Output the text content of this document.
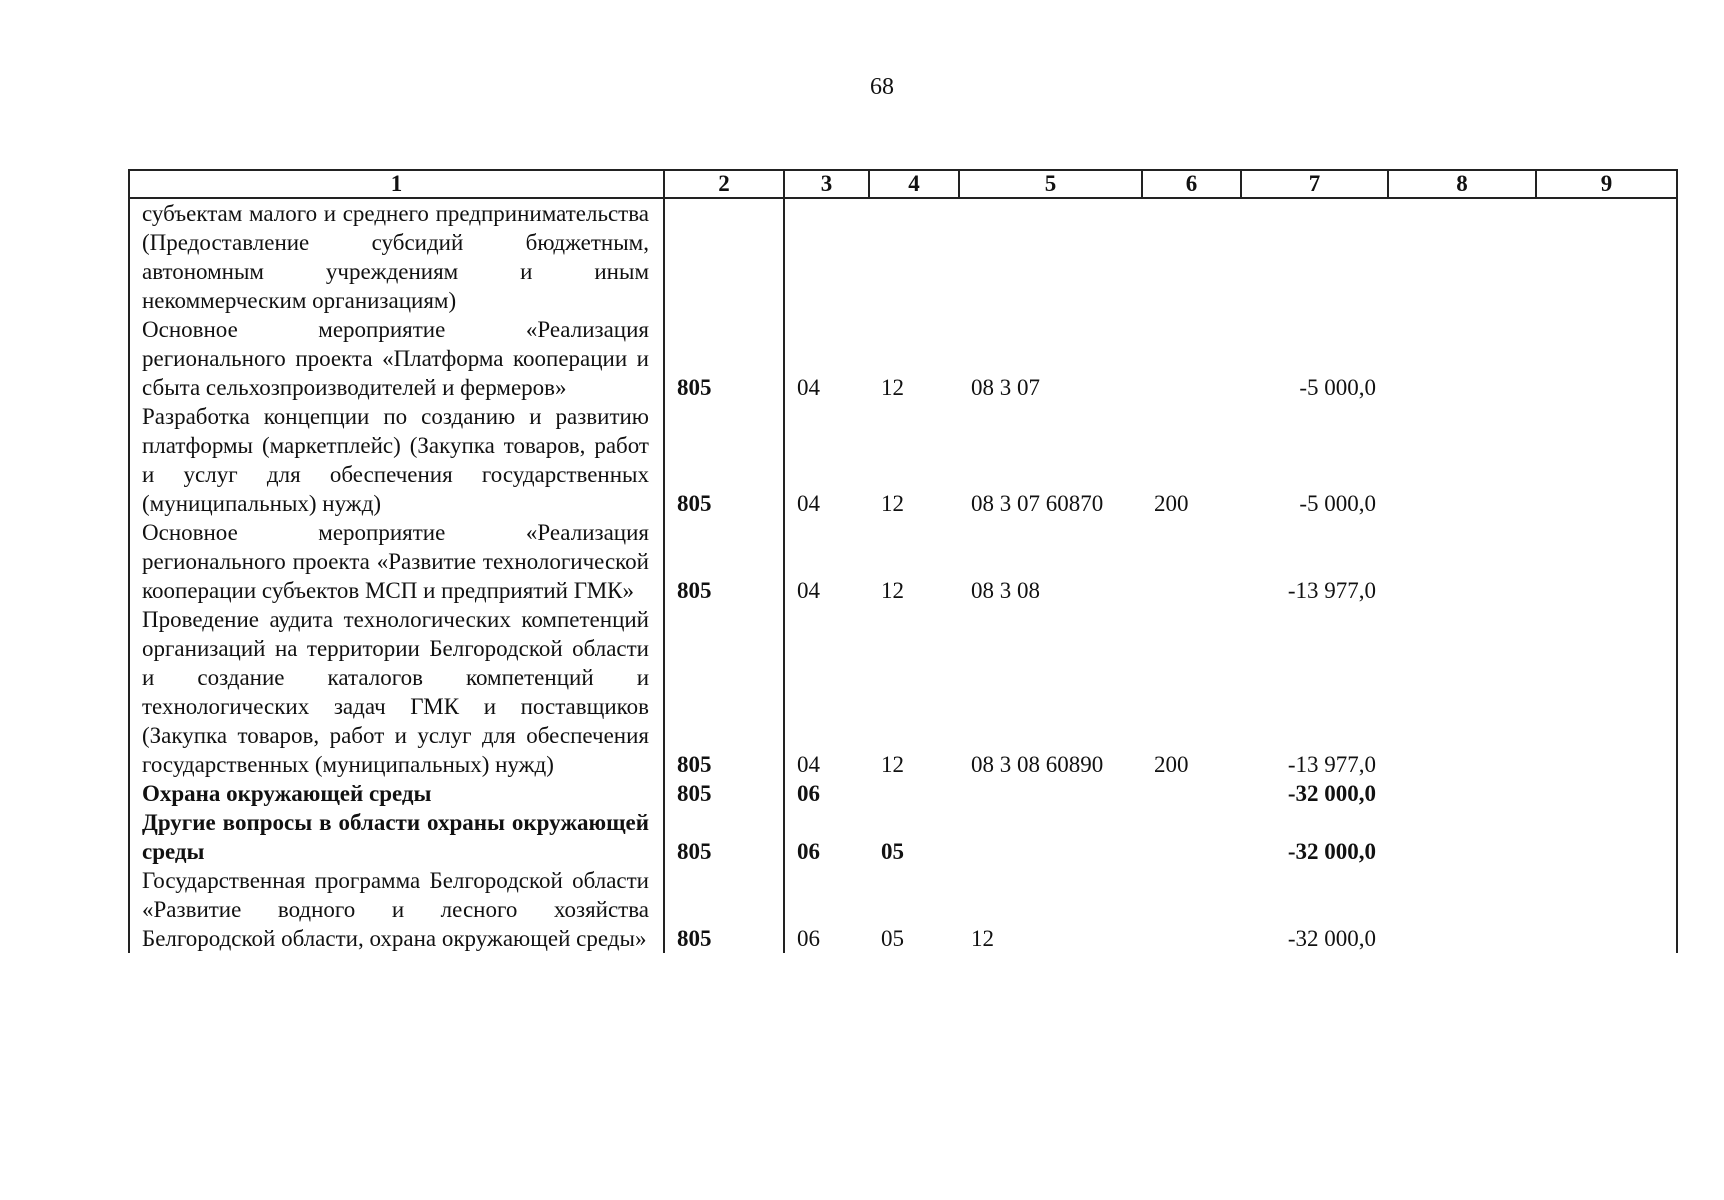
68
1	2	3	4	5	6	7	8	9
субъектам малого и среднего предпринимательства (Предоставление субсидий бюджетным, автономным учреждениям и иным некоммерческим организациям)								
Основное мероприятие «Реализация регионального проекта «Платформа кооперации и сбыта сельхозпроизводителей и фермеров»	805	04	12	08 3 07		-5 000,0		
Разработка концепции по созданию и развитию платформы (маркетплейс) (Закупка товаров, работ и услуг для обеспечения государственных (муниципальных) нужд)	805	04	12	08 3 07 60870	200	-5 000,0		
Основное мероприятие «Реализация регионального проекта «Развитие технологической кооперации субъектов МСП и предприятий ГМК»	805	04	12	08 3 08		-13 977,0		
Проведение аудита технологических компетенций организаций на территории Белгородской области и создание каталогов компетенций и технологических задач ГМК и поставщиков (Закупка товаров, работ и услуг для обеспечения государственных (муниципальных) нужд)	805	04	12	08 3 08 60890	200	-13 977,0		
Охрана окружающей среды	805	06				-32 000,0		
Другие вопросы в области охраны окружающей среды	805	06	05			-32 000,0		
Государственная программа Белгородской области «Развитие водного и лесного хозяйства Белгородской области, охрана окружающей среды»	805	06	05	12		-32 000,0		
